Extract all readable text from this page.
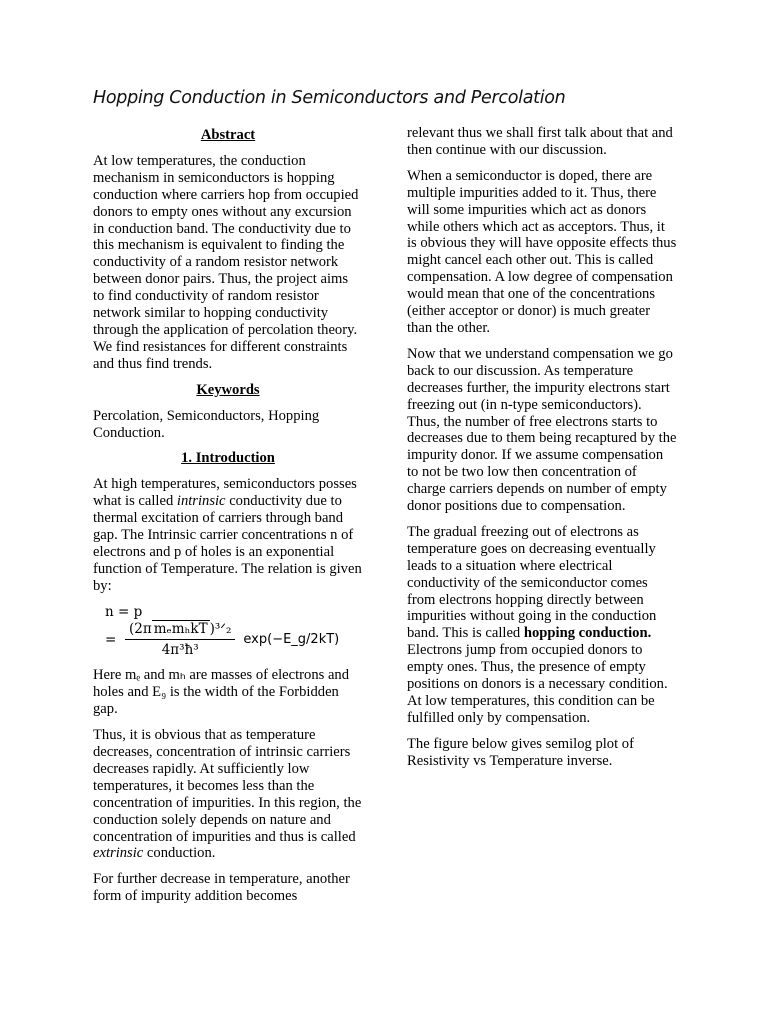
Hopping Conduction in Semiconductors and Percolation
Abstract

At low temperatures, the conduction mechanism in semiconductors is hopping conduction where carriers hop from occupied donors to empty ones without any excursion in conduction band. The conductivity due to this mechanism is equivalent to finding the conductivity of a random resistor network between donor pairs. Thus, the project aims to find conductivity of random resistor network similar to hopping conductivity through the application of percolation theory. We find resistances for different constraints and thus find trends.

Keywords

Percolation, Semiconductors, Hopping Conduction.

1. Introduction

At high temperatures, semiconductors posses what is called intrinsic conductivity due to thermal excitation of carriers through band gap. The Intrinsic carrier concentrations n of electrons and p of holes is an exponential function of Temperature. The relation is given by:

n = p
= $\frac{\text{(2π mₑmₕkT )³ᐟ₂}}{\text{4π³ħ³}}$ exp(−E_g/2kT)

Here mₑ and mₕ are masses of electrons and holes and E₉ is the width of the Forbidden gap.

Thus, it is obvious that as temperature decreases, concentration of intrinsic carriers decreases rapidly. At sufficiently low temperatures, it becomes less than the concentration of impurities. In this region, the conduction solely depends on nature and concentration of impurities and thus is called extrinsic conduction.

For further decrease in temperature, another form of impurity addition becomes

relevant thus we shall first talk about that and then continue with our discussion.

When a semiconductor is doped, there are multiple impurities added to it. Thus, there will some impurities which act as donors while others which act as acceptors. Thus, it is obvious they will have opposite effects thus might cancel each other out. This is called compensation. A low degree of compensation would mean that one of the concentrations (either acceptor or donor) is much greater than the other.

Now that we understand compensation we go back to our discussion. As temperature decreases further, the impurity electrons start freezing out (in n-type semiconductors). Thus, the number of free electrons starts to decreases due to them being recaptured by the impurity donor. If we assume compensation to not be two low then concentration of charge carriers depends on number of empty donor positions due to compensation.

The gradual freezing out of electrons as temperature goes on decreasing eventually leads to a situation where electrical conductivity of the semiconductor comes from electrons hopping directly between impurities without going in the conduction band. This is called hopping conduction. Electrons jump from occupied donors to empty ones. Thus, the presence of empty positions on donors is a necessary condition. At low temperatures, this condition can be fulfilled only by compensation.

The figure below gives semilog plot of Resistivity vs Temperature inverse.
